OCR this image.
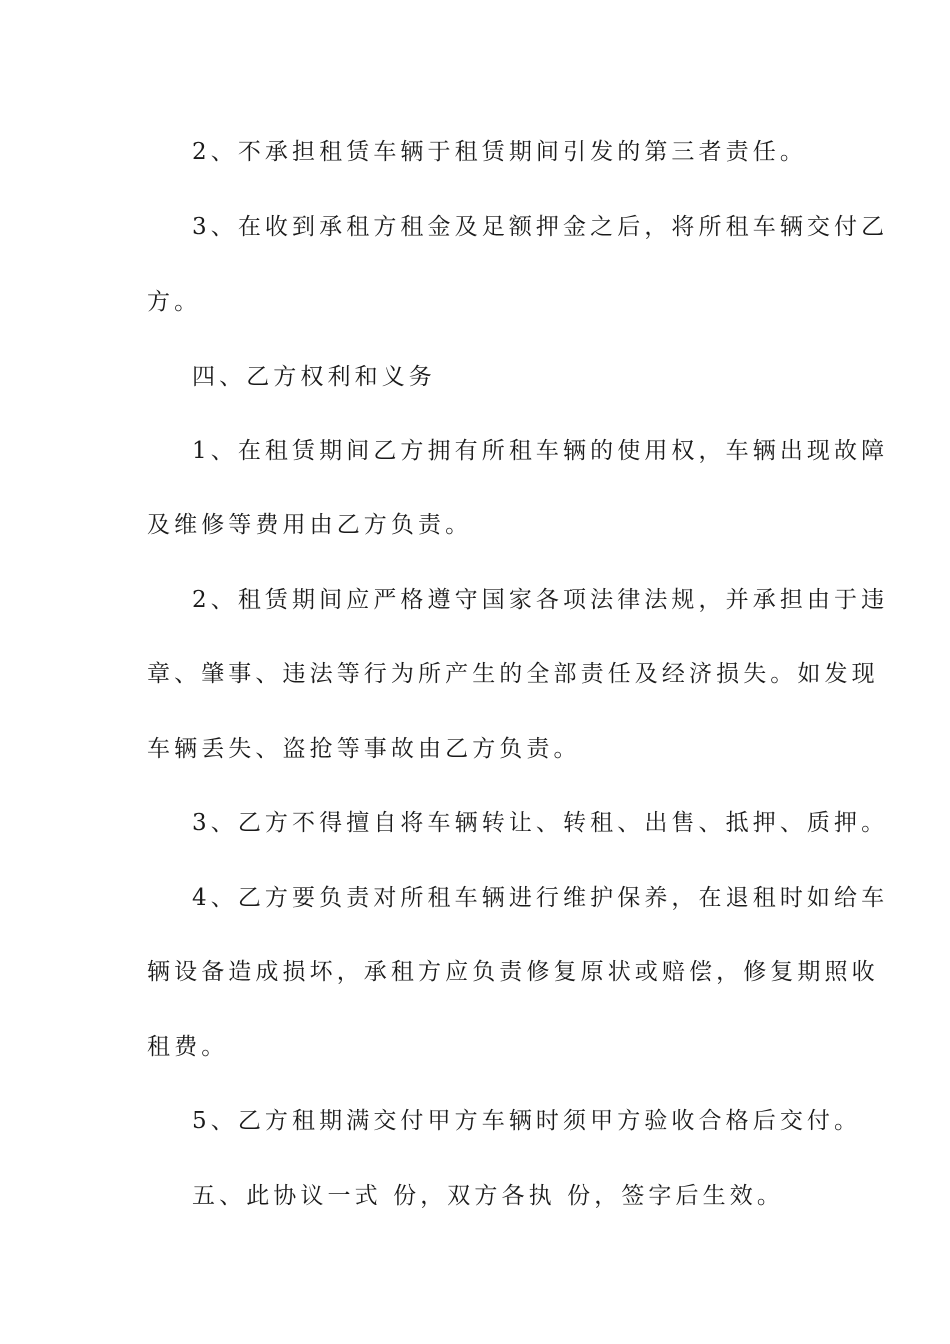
2、不承担租赁车辆于租赁期间引发的第三者责任。
3、在收到承租方租金及足额押金之后，将所租车辆交付乙
方。
四、乙方权利和义务
1、在租赁期间乙方拥有所租车辆的使用权，车辆出现故障
及维修等费用由乙方负责。
2、租赁期间应严格遵守国家各项法律法规，并承担由于违
章、肇事、违法等行为所产生的全部责任及经济损失。如发现
车辆丢失、盗抢等事故由乙方负责。
3、乙方不得擅自将车辆转让、转租、出售、抵押、质押。
4、乙方要负责对所租车辆进行维护保养，在退租时如给车
辆设备造成损坏，承租方应负责修复原状或赔偿，修复期照收
租费。
5、乙方租期满交付甲方车辆时须甲方验收合格后交付。
五、此协议一式 份，双方各执 份，签字后生效。
